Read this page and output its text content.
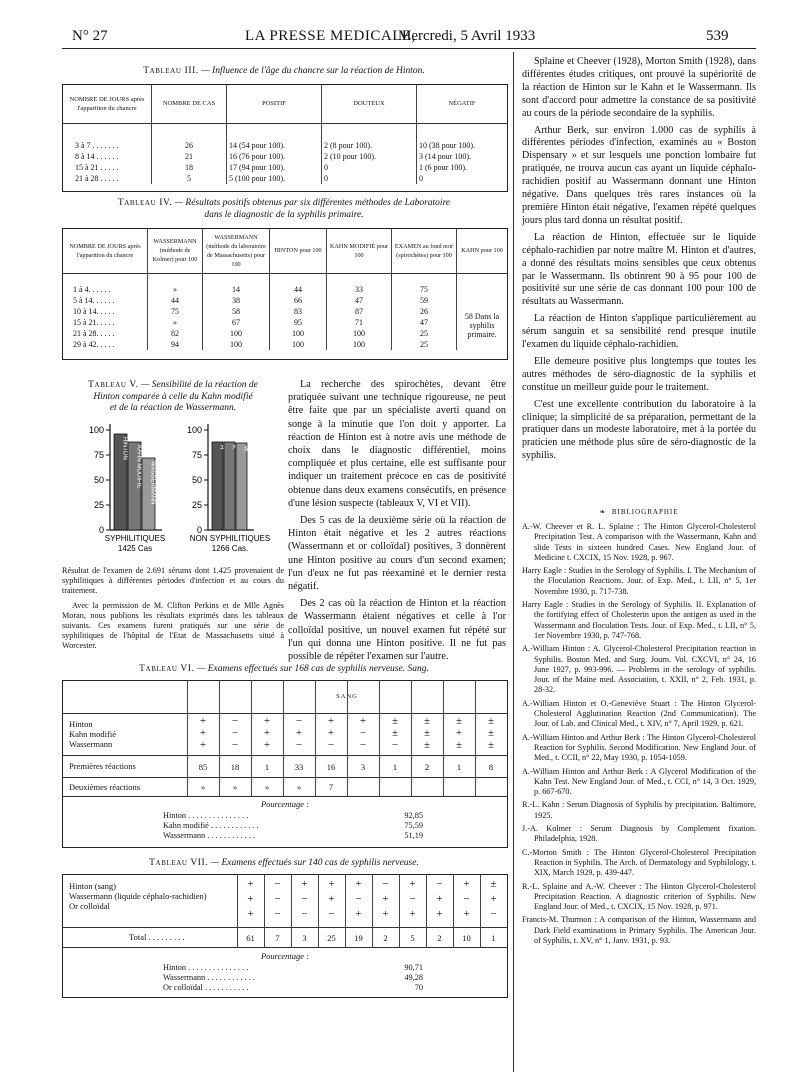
N° 27	LA PRESSE MEDICALE,
Mercredi, 5 Avril 1933	539
Tableau III. — Influence de l'âge du chancre sur la réaction de Hinton.
NOMBRE DE JOURS après l'apparition du chancre	NOMBRE DE CAS	POSITIF	DOUTEUX	NÉGATIF

3 à 7 . . . . . . .	26	14 (54 pour 100).	2 (8 pour 100).	10 (38 pour 100).
8 à 14 . . . . . .	21	16 (76 pour 100).	2 (10 pour 100).	3 (14 pour 100).
15 à 21 . . . . .	18	17 (94 pour 100).	0	1 (6 pour 100).
21 à 28 . . . . .	5	5 (100 pour 100).	0	0
Tableau IV. — Résultats positifs obtenus par six différentes méthodes de Laboratoire
dans le diagnostic de la syphilis primaire.
NOMBRE DE JOURS après l'apparition du chancre	WASSERMANN (méthode de Kolmer) pour 100	WASSERMANN (méthode du laboratoire de Massachusetts) pour 100	HINTON pour 100	KAHN MODIFIÉ pour 100	EXAMEN au fond noir (spirochètes) pour 100	KAHN pour 100

1 à 4. . . . . .	»	14	44	33	75	58 Dans la syphilis primaire.
5 à 14. . . . . .	44	38	66	47	59	
10 à 14. . . . .	75	58	83	87	26	
15 à 21. . . . .	»	67	95	71	47	
21 à 28. . . . .	82	100	100	100	25	
29 à 42. . . . .	94	100	100	100	25	
Tableau V. — Sensibilité de la réaction de
Hinton comparée à celle du Kahn modifié
et de la réaction de Wassermann.
100
75
50
25
0
HINTON KAHN MODIFIÉ WASSERMANN
SYPHILITIQUES
1425 Cas
100
75
50
25
0
H K W
NON SYPHILITIQUES
1266 Cas.
Résultat de l'examen de 2.691 sérums dont 1.425 provenaient de syphilitiques à différentes périodes d'infection et au cours du traitement.
Avec la permission de M. Clifton Perkins et de Mlle Agnès Moran, nous publions les résultats exprimés dans les tableaux suivants. Ces examens furent pratiqués sur une série de syphilitiques de l'hôpital de l'Etat de Massachusetts situé à Worcester.

La recherche des spirochètes, devant être pratiquée suivant une technique rigoureuse, ne peut être faite que par un spécialiste averti quand on songe à la minutie que l'on doit y apporter. La réaction de Hinton est à notre avis une méthode de choix dans le diagnostic différentiel, moins compliquée et plus certaine, elle est suffisante pour indiquer un traitement précoce en cas de positivité obtenue dans deux examens consécutifs, en présence d'une lésion suspecte (tableaux V, VI et VII).

Des 5 cas de la deuxième série où la réaction de Hinton était négative et les 2 autres réactions (Wassermann et or colloïdal) positives, 3 donnèrent une Hinton positive au cours d'un second examen; l'un d'eux ne fut pas réexaminé et le dernier resta négatif.

Des 2 cas où la réaction de Hinton et la réaction de Wassermann étaient négatives et celle à l'or colloïdal positive, un nouvel examen fut répété sur l'un qui donna une Hinton positive. Il ne fut pas possible de répéter l'examen sur l'autre.

Tableau VI. — Examens effectués sur 168 cas de syphilis nerveuse. Sang.
SANG
Hinton
Kahn modifié
Wassermann
+	−	+	−	+	+	±	±	±	±
+	−	+	+	+	−	±	±	+	±
+	−	+	−	−	−	−	±	±	±
Premières réactions	85	18	1	33	16	3	1	2	1	8
Deuxièmes réactions	»	»	»	»	7
Pourcentage :
Hinton . . . . . . . . . . . . . . .	92,85
Kahn modifié . . . . . . . . . . . .	75,59
Wassermann . . . . . . . . . . . .	51,19
Tableau VII. — Examens effectués sur 140 cas de syphilis nerveuse.
Hinton (sang)
Wassermann (liquide céphalo-rachidien)
Or colloïdal
+	−	+	+	+	−	+	−	+	±
+	−	−	+	−	+	−	+	−	+
+	−	−	−	+	+	+	+	+	−
Total . . . . . . . . .	61	7	3	25	19	2	5	2	10	1
Pourcentage :
Hinton . . . . . . . . . . . . . . .	90,71
Wassermann . . . . . . . . . . . .	49,28
Or colloïdal . . . . . . . . . . .	70

Splaine et Cheever (1928), Morton Smith (1928), dans différentes études critiques, ont prouvé la supériorité de la réaction de Hinton sur le Kahn et le Wassermann. Ils sont d'accord pour admettre la constance de sa positivité au cours de la période secondaire de la syphilis.

Arthur Berk, sur environ 1.000 cas de syphilis à différentes périodes d'infection, examinés au « Boston Dispensary » et sur lesquels une ponction lombaire fut pratiquée, ne trouva aucun cas ayant un liquide céphalo-rachidien positif au Wassermann donnant une Hinton négative. Dans quelques très rares instances où la première Hinton était négative, l'examen répété quelques jours plus tard donna un résultat positif.

La réaction de Hinton, effectuée sur le liquide céphalo-rachidien par notre maître M. Hinton et d'autres, a donné des résultats moins sensibles que ceux obtenus par le Wassermann. Ils obtinrent 90 à 95 pour 100 de positivité sur une série de cas donnant 100 pour 100 de résultats au Wassermann.

La réaction de Hinton s'applique particulièrement au sérum sanguin et sa sensibilité rend presque inutile l'examen du liquide céphalo-rachidien.

Elle demeure positive plus longtemps que toutes les autres méthodes de séro-diagnostic de la syphilis et constitue un meilleur guide pour le traitement.

C'est une excellente contribution du laboratoire à la clinique; la simplicité de sa préparation, permettant de la pratiquer dans un modeste laboratoire, met à la portée du praticien une méthode plus sûre de séro-diagnostic de la syphilis.

❧ BIBLIOGRAPHIE
A.-W. Cheever et R. L. Splaine : The Hinton Glycerol-Cholesterol Precipitation Test. A comparison with the Wassermann, Kahn and slide Tests in sixteen hundred Cases. New England Jour. of Medicine t. CXCIX, 15 Nov. 1928, p. 967.
Harry Eagle : Studies in the Serology of Syphilis. I. The Mechanism of the Floculation Reactions. Jour. of Exp. Med., t. LII, n° 5, 1er Novembre 1930, p. 717-738.
Harry Eagle : Studies in the Serology of Syphilis. II. Explanation of the fortifying effect of Cholesterin upon the antigen as used in the Wassermann and floculation Tests. Jour. of Exp. Med., t. LII, n° 5, 1er Novembre 1930, p. 747-768.
A.-William Hinton : A. Glycerol-Cholesterol Precipitation reaction in Syphilis. Boston Med. and Surg. Journ. Vol. CXCVI, n° 24, 16 June 1927, p. 993-996. — Problems in the serology of syphilis. Jour. of the Maine med. Association, t. XXII, n° 2, Feb. 1931, p. 28-32.
A.-William Hinton et O.-Geneviève Stuart : The Hinton Glycerol-Cholesterol Agglutination Reaction (2nd Communication). The Jour. of Lab. and Clinical Med., t. XIV, n° 7, April 1929, p. 621.
A.-William Hinton and Arthur Berk : The Hinton Glycerol-Cholesterol Reaction for Syphilis. Second Modification. New England Jour. of Med., t. CCII, n° 22, May 1930, p. 1054-1059.
A.-William Hinton and Arthur Berk : A Glycerol Modification of the Kahn Test. New England Jour. of Med., t. CCI, n° 14, 3 Oct. 1929, p. 667-670.
R.-L. Kahn : Serum Diagnosis of Syphilis by precipitation. Baltimore, 1925.
J.-A. Kolmer : Serum Diagnosis by Complement fixation. Philadelphia, 1928.
C.-Morton Smith : The Hinton Glycerol-Cholesterol Precipitation Reaction in Syphilis. The Arch. of Dermatology and Syphilology, t. XIX, March 1929, p. 439-447.
R.-L. Splaine and A.-W. Cheever : The Hinton Glycerol-Cholesterol Precipitation Reaction. A diagnostic criterion of Syphilis. New England Jour. of Med., t. CXCIX, 15 Nov. 1928, p. 971.
Francis-M. Thurmon : A comparison of the Hinton, Wassermann and Dark Field examinations in Primary Syphilis. The American Jour. of Syphilis, t. XV, n° 1, Janv. 1931, p. 93.
